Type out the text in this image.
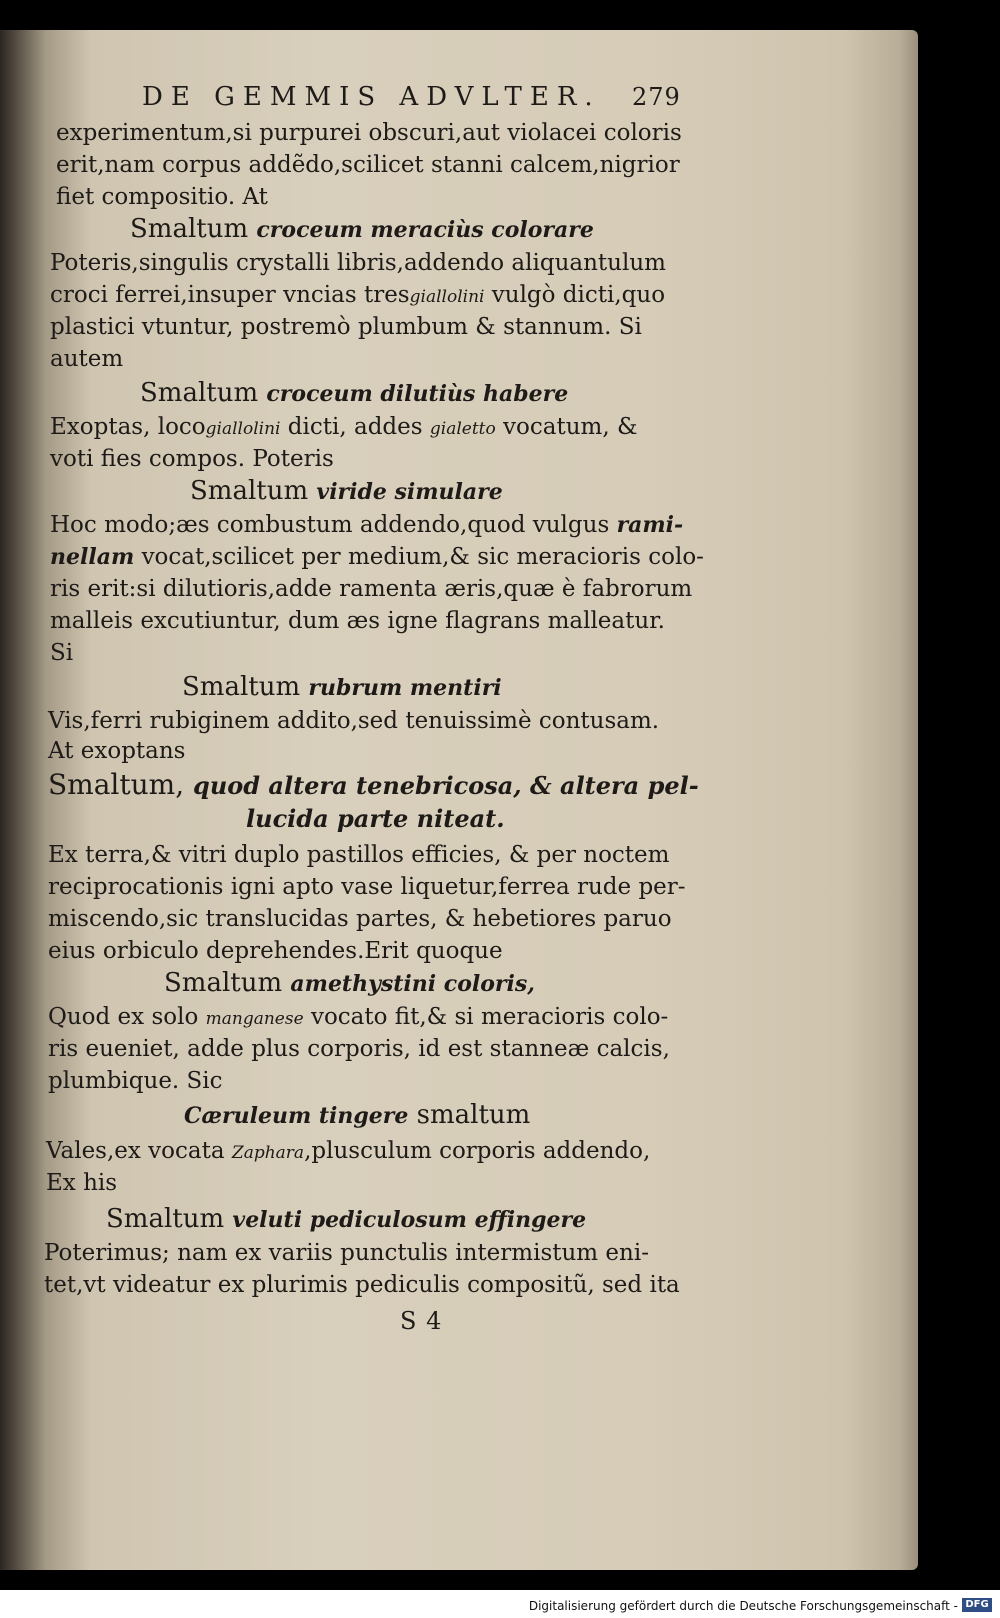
DE GEMMIS ADVLTER. 279
experimentum,si purpurei obscuri,aut violacei coloris
erit,nam corpus addẽdo,scilicet stanni calcem,nigrior
fiet compositio. At
Smaltum croceum meraciùs colorare
Poteris,singulis crystalli libris,addendo aliquantulum
croci ferrei,insuper vncias tresgiallolini vulgò dicti,quo
plastici vtuntur, postremò plumbum & stannum. Si
autem
Smaltum croceum dilutiùs habere
Exoptas, locogiallolini dicti, addes gialetto vocatum, &
voti fies compos. Poteris
Smaltum viride simulare
Hoc modo;æs combustum addendo,quod vulgus rami-
nellam vocat,scilicet per medium,& sic meracioris colo-
ris erit:si dilutioris,adde ramenta æris,quæ è fabrorum
malleis excutiuntur, dum æs igne flagrans malleatur.
Si
Smaltum rubrum mentiri
Vis,ferri rubiginem addito,sed tenuissimè contusam.
At exoptans
Smaltum, quod altera tenebricosa, & altera pel-
lucida parte niteat.
Ex terra,& vitri duplo pastillos efficies, & per noctem
reciprocationis igni apto vase liquetur,ferrea rude per-
miscendo,sic translucidas partes, & hebetiores paruo
eius orbiculo deprehendes.Erit quoque
Smaltum amethystini coloris,
Quod ex solo manganese vocato fit,& si meracioris colo-
ris eueniet, adde plus corporis, id est stanneæ calcis,
plumbique. Sic
Cæruleum tingere smaltum
Vales,ex vocata Zaphara,plusculum corporis addendo,
Ex his
Smaltum veluti pediculosum effingere
Poterimus; nam ex variis punctulis intermistum eni-
tet,vt videatur ex plurimis pediculis compositũ, sed ita
S 4
Digitalisierung gefördert durch die Deutsche Forschungsgemeinschaft - DFG
